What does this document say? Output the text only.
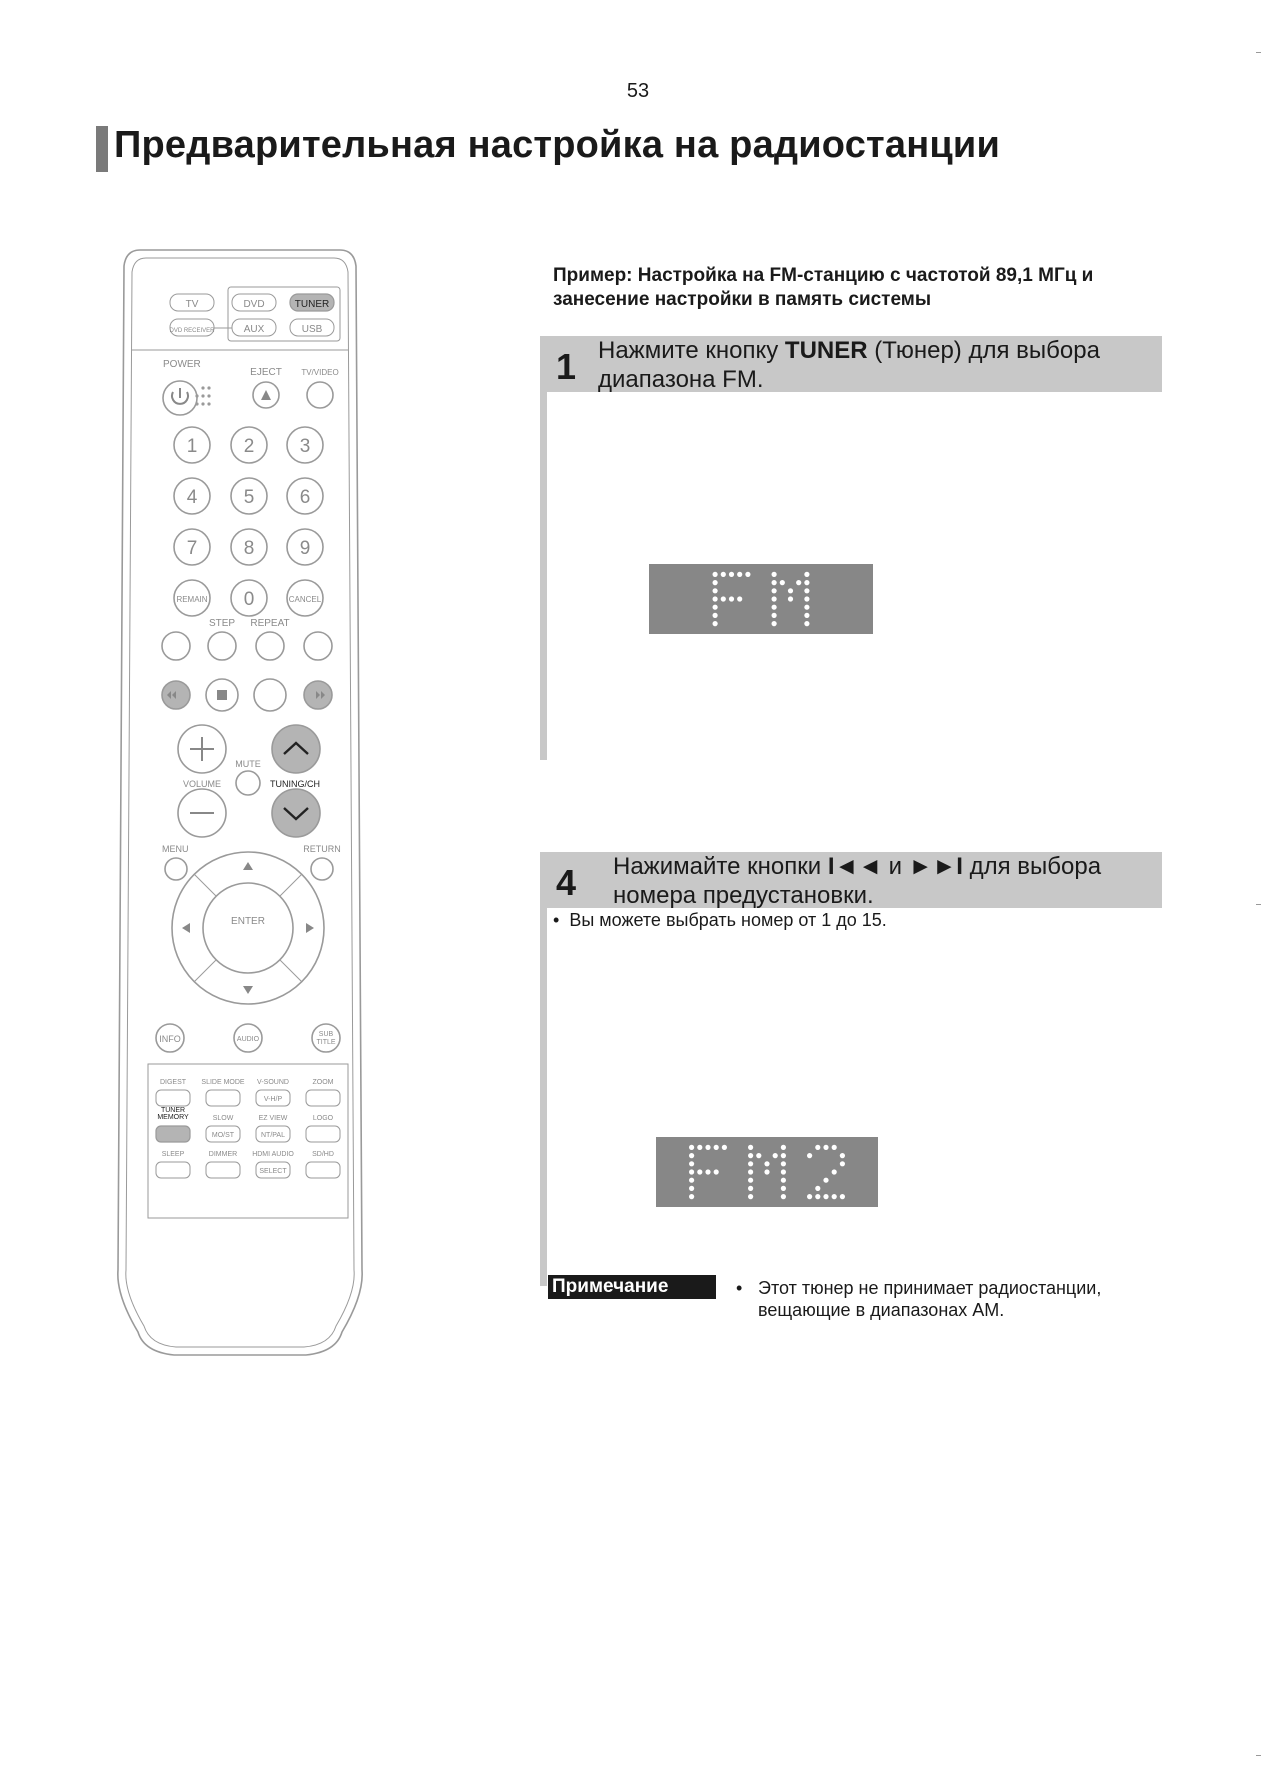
53
Предварительная настройка на радиостанции
TV	DVD	TUNER
DVD RECEIVER	AUX	USB
POWER
EJECT TV/VIDEO
1 2 3
4 5 6
7 8 9
0
REMAIN	CANCEL
STEP REPEAT
MUTE
VOLUME	TUNING/CH
MENU	RETURN
ENTER
INFO	AUDIO
SUB
TITLE
DIGEST SLIDE MODE V-SOUND	ZOOM
TUNER
MEMORY	SLOW	EZ VIEW	LOGO
SLEEP	DIMMER HDMI AUDIO	SD/HD
V-H/P
MO/ST	NT/PAL
SELECT
Пример: Настройка на FM-станцию с частотой 89,1 МГц и занесение настройки в память системы
1 Нажмите кнопку TUNER (Тюнер) для выбора
диапазона FM.
4 Нажимайте кнопки I◄◄ и ►►I для выбора
номера предустановки.
•  Вы можете выбрать номер от 1 до 15.
Примечание	• Этот тюнер не принимает радиостанции,
вещающие в диапазонах AM.
